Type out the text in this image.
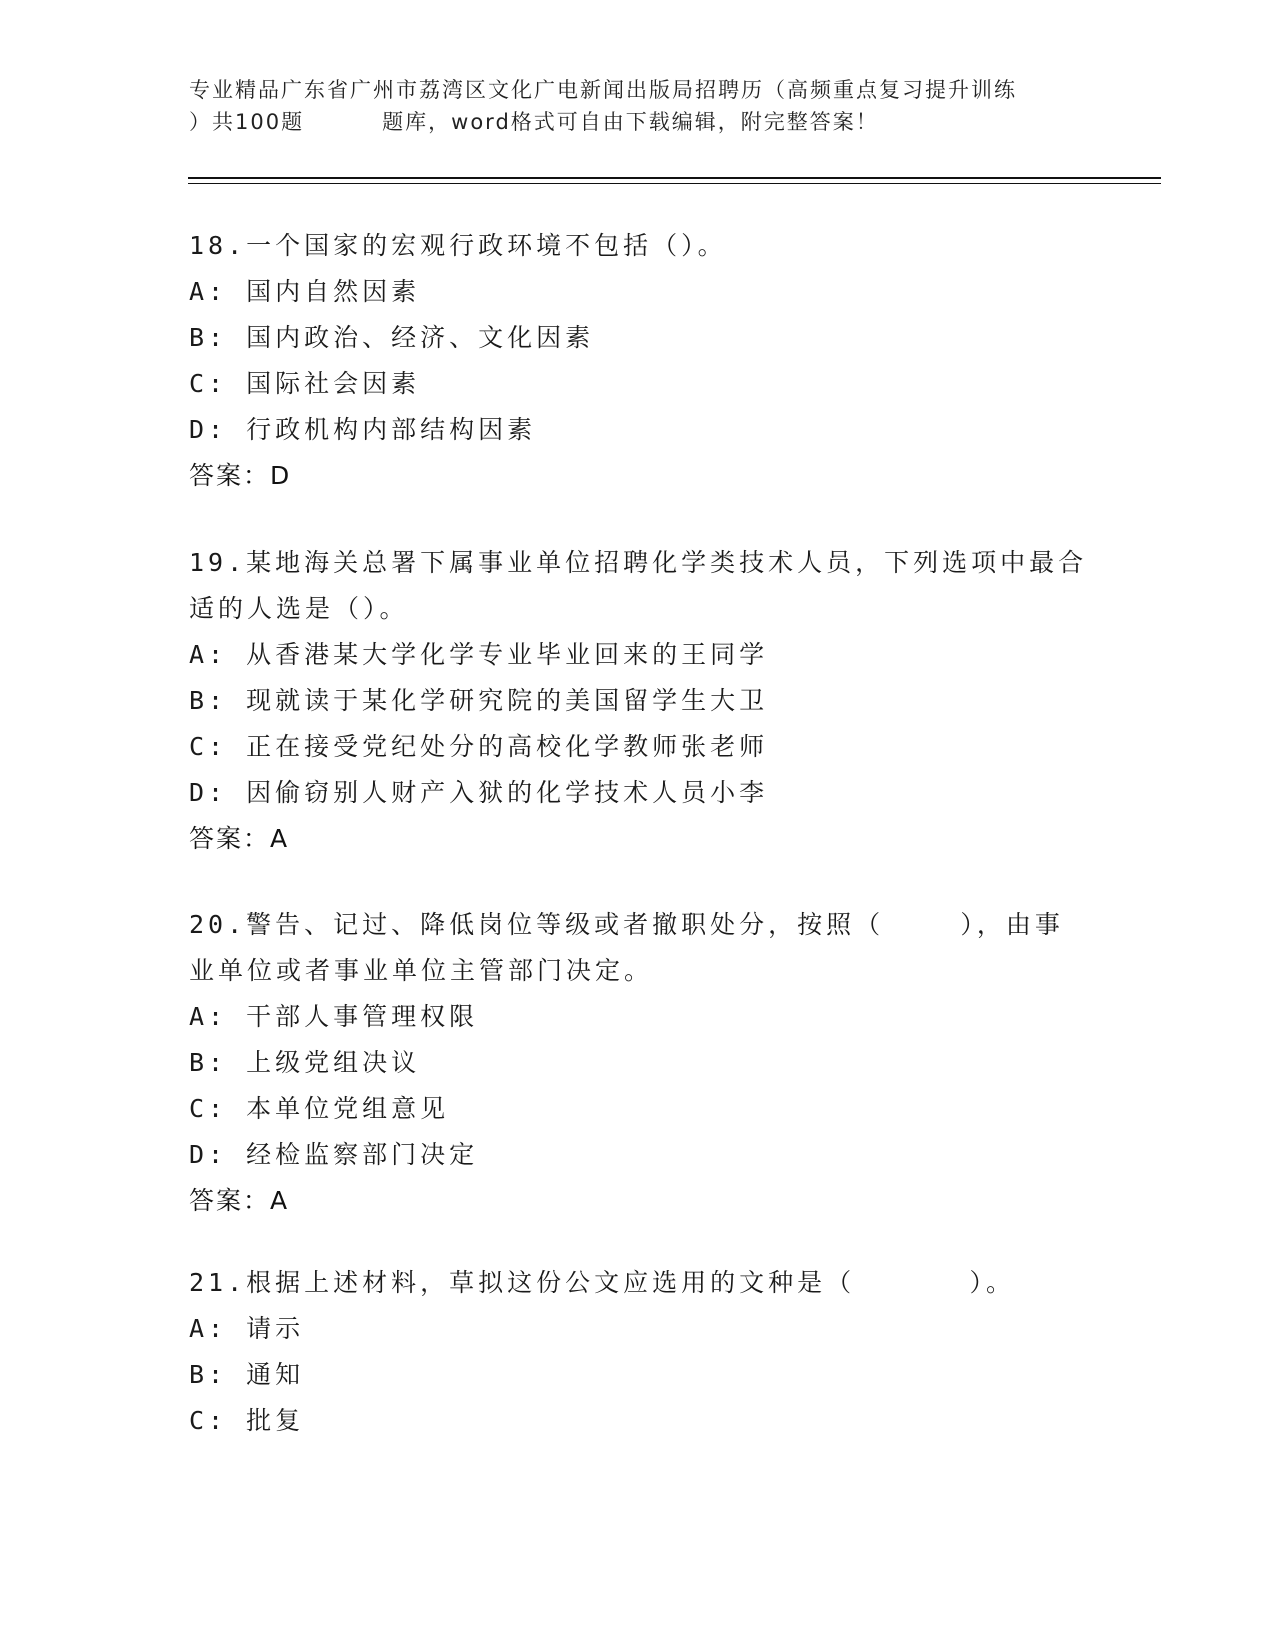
专业精品广东省广州市荔湾区文化广电新闻出版局招聘历（高频重点复习提升训练
）共100题         题库，word格式可自由下载编辑，附完整答案！
18.一个国家的宏观行政环境不包括（）。
A: 国内自然因素
B: 国内政治、经济、文化因素
C: 国际社会因素
D: 行政机构内部结构因素
答案：D
19.某地海关总署下属事业单位招聘化学类技术人员，下列选项中最合适的人选是（）。
A: 从香港某大学化学专业毕业回来的王同学
B: 现就读于某化学研究院的美国留学生大卫
C: 正在接受党纪处分的高校化学教师张老师
D: 因偷窃别人财产入狱的化学技术人员小李
答案：A
20.警告、记过、降低岗位等级或者撤职处分，按照（    ），由事业单位或者事业单位主管部门决定。
A: 干部人事管理权限
B: 上级党组决议
C: 本单位党组意见
D: 经检监察部门决定
答案：A
21.根据上述材料，草拟这份公文应选用的文种是（      ）。
A: 请示
B: 通知
C: 批复
